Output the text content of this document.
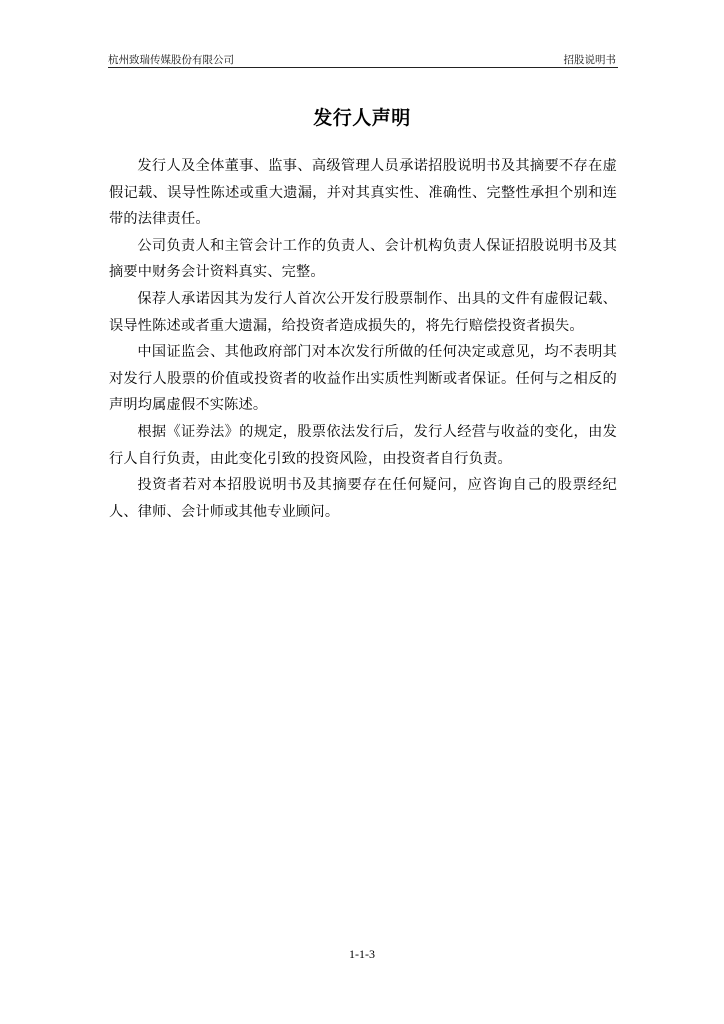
杭州致瑞传媒股份有限公司	招股说明书
发行人声明

发行人及全体董事、监事、高级管理人员承诺招股说明书及其摘要不存在虚假记载、误导性陈述或重大遗漏，并对其真实性、准确性、完整性承担个别和连带的法律责任。

公司负责人和主管会计工作的负责人、会计机构负责人保证招股说明书及其摘要中财务会计资料真实、完整。

保荐人承诺因其为发行人首次公开发行股票制作、出具的文件有虚假记载、误导性陈述或者重大遗漏，给投资者造成损失的，将先行赔偿投资者损失。

中国证监会、其他政府部门对本次发行所做的任何决定或意见，均不表明其对发行人股票的价值或投资者的收益作出实质性判断或者保证。任何与之相反的声明均属虚假不实陈述。

根据《证券法》的规定，股票依法发行后，发行人经营与收益的变化，由发行人自行负责，由此变化引致的投资风险，由投资者自行负责。

投资者若对本招股说明书及其摘要存在任何疑问，应咨询自己的股票经纪人、律师、会计师或其他专业顾问。

1-1-3
